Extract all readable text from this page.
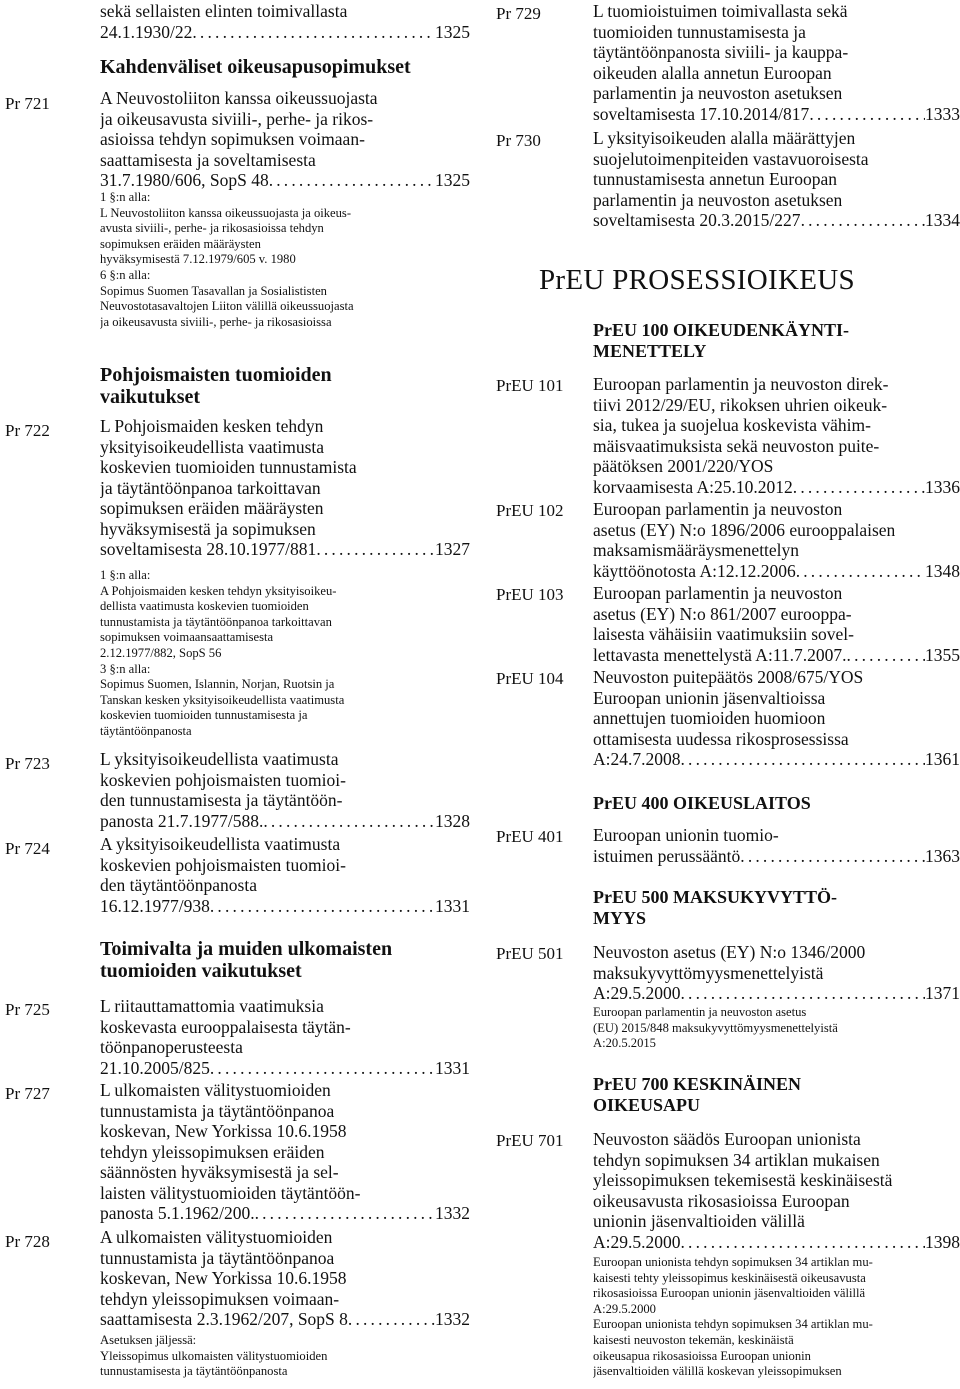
sekä sellaisten elinten toimivallasta
24.1.1930/22 . . .	1325
Kahdenväliset oikeusapusopimukset
Pr 721	A Neuvostoliiton kanssa oikeussuojasta
ja oikeusavusta siviili-, perhe- ja rikos-
asioissa tehdyn sopimuksen voimaan-
saattamisesta ja soveltamisesta
31.7.1980/606, SopS 48 . . .	1325
1 §:n alla:
L Neuvostoliiton kanssa oikeussuojasta ja oikeus-
avusta siviili-, perhe- ja rikosasioissa tehdyn
sopimuksen eräiden määräysten
hyväksymisestä 7.12.1979/605 v. 1980
6 §:n alla:
Sopimus Suomen Tasavallan ja Sosialististen
Neuvostotasavaltojen Liiton välillä oikeussuojasta
ja oikeusavusta siviili-, perhe- ja rikosasioissa
Pohjoismaisten tuomioiden
vaikutukset
Pr 722	L Pohjoismaiden kesken tehdyn
yksityisoikeudellista vaatimusta
koskevien tuomioiden tunnustamista
ja täytäntöönpanoa tarkoittavan
sopimuksen eräiden määräysten
hyväksymisestä ja sopimuksen
soveltamisesta 28.10.1977/881 . . .	1327
1 §:n alla:
A Pohjoismaiden kesken tehdyn yksityisoikeu-
dellista vaatimusta koskevien tuomioiden
tunnustamista ja täytäntöönpanoa tarkoittavan
sopimuksen voimaansaattamisesta
2.12.1977/882, SopS 56
3 §:n alla:
Sopimus Suomen, Islannin, Norjan, Ruotsin ja
Tanskan kesken yksityisoikeudellista vaatimusta
koskevien tuomioiden tunnustamisesta ja
täytäntöönpanosta
Pr 723	L yksityisoikeudellista vaatimusta
koskevien pohjoismaisten tuomioi-
den tunnustamisesta ja täytäntöön-
panosta 21.7.1977/588. . . .	1328
Pr 724	A yksityisoikeudellista vaatimusta
koskevien pohjoismaisten tuomioi-
den täytäntöönpanosta
16.12.1977/938 . . .	1331
Toimivalta ja muiden ulkomaisten
tuomioiden vaikutukset
Pr 725	L riitauttamattomia vaatimuksia
koskevasta eurooppalaisesta täytän-
töönpanoperusteesta
21.10.2005/825 . . .	1331
Pr 727	L ulkomaisten välitystuomioiden
tunnustamista ja täytäntöönpanoa
koskevan, New Yorkissa 10.6.1958
tehdyn yleissopimuksen eräiden
säännösten hyväksymisestä ja sel-
laisten välitystuomioiden täytäntöön-
panosta 5.1.1962/200. . . .	1332
Pr 728	A ulkomaisten välitystuomioiden
tunnustamista ja täytäntöönpanoa
koskevan, New Yorkissa 10.6.1958
tehdyn yleissopimuksen voimaan-
saattamisesta 2.3.1962/207, SopS 8 . . .	1332
Asetuksen jäljessä:
Yleissopimus ulkomaisten välitystuomioiden
tunnustamisesta ja täytäntöönpanosta
Pr 729	L tuomioistuimen toimivallasta sekä
tuomioiden tunnustamisesta ja
täytäntöönpanosta siviili- ja kauppa-
oikeuden alalla annetun Euroopan
parlamentin ja neuvoston asetuksen
soveltamisesta 17.10.2014/817 . . .	1333
Pr 730	L yksityisoikeuden alalla määrättyjen
suojelutoimenpiteiden vastavuoroisesta
tunnustamisesta annetun Euroopan
parlamentin ja neuvoston asetuksen
soveltamisesta 20.3.2015/227 . . .	1334
PrEU PROSESSIOIKEUS
PrEU 100 OIKEUDENKÄYNTI-
MENETTELY
PrEU 101 Euroopan parlamentin ja neuvoston direk-
tiivi 2012/29/EU, rikoksen uhrien oikeuk-
sia, tukea ja suojelua koskevista vähim-
mäisvaatimuksista sekä neuvoston puite-
päätöksen 2001/220/YOS
korvaamisesta A:25.10.2012 . . .	1336
PrEU 102 Euroopan parlamentin ja neuvoston
asetus (EY) N:o 1896/2006 eurooppalaisen
maksamismääräysmenettelyn
käyttöönotosta A:12.12.2006 . . .	1348
PrEU 103 Euroopan parlamentin ja neuvoston
asetus (EY) N:o 861/2007 eurooppa-
laisesta vähäisiin vaatimuksiin sovel-
lettavasta menettelystä A:11.7.2007. . . .	1355
PrEU 104 Neuvoston puitepäätös 2008/675/YOS
Euroopan unionin jäsenvaltioissa
annettujen tuomioiden huomioon
ottamisesta uudessa rikosprosessissa
A:24.7.2008 . . .	1361
PrEU 400 OIKEUSLAITOS
PrEU 401 Euroopan unionin tuomio-
istuimen perussääntö . . .	1363
PrEU 500 MAKSUKYVYTTÖ-
MYYS
PrEU 501 Neuvoston asetus (EY) N:o 1346/2000
maksukyvyttömyysmenettelyistä
A:29.5.2000 . . .	1371
Euroopan parlamentin ja neuvoston asetus
(EU) 2015/848 maksukyvyttömyysmenettelyistä
A:20.5.2015
PrEU 700 KESKINÄINEN
OIKEUSAPU
PrEU 701 Neuvoston säädös Euroopan unionista
tehdyn sopimuksen 34 artiklan mukaisen
yleissopimuksen tekemisestä keskinäisestä
oikeusavusta rikosasioissa Euroopan
unionin jäsenvaltioiden välillä
A:29.5.2000 . . .	1398
Euroopan unionista tehdyn sopimuksen 34 artiklan mu-
kaisesti tehty yleissopimus keskinäisestä oikeusavusta
rikosasioissa Euroopan unionin jäsenvaltioiden välillä
A:29.5.2000
Euroopan unionista tehdyn sopimuksen 34 artiklan mu-
kaisesti neuvoston tekemän, keskinäistä
oikeusapua rikosasioissa Euroopan unionin
jäsenvaltioiden välillä koskevan yleissopimuksen
